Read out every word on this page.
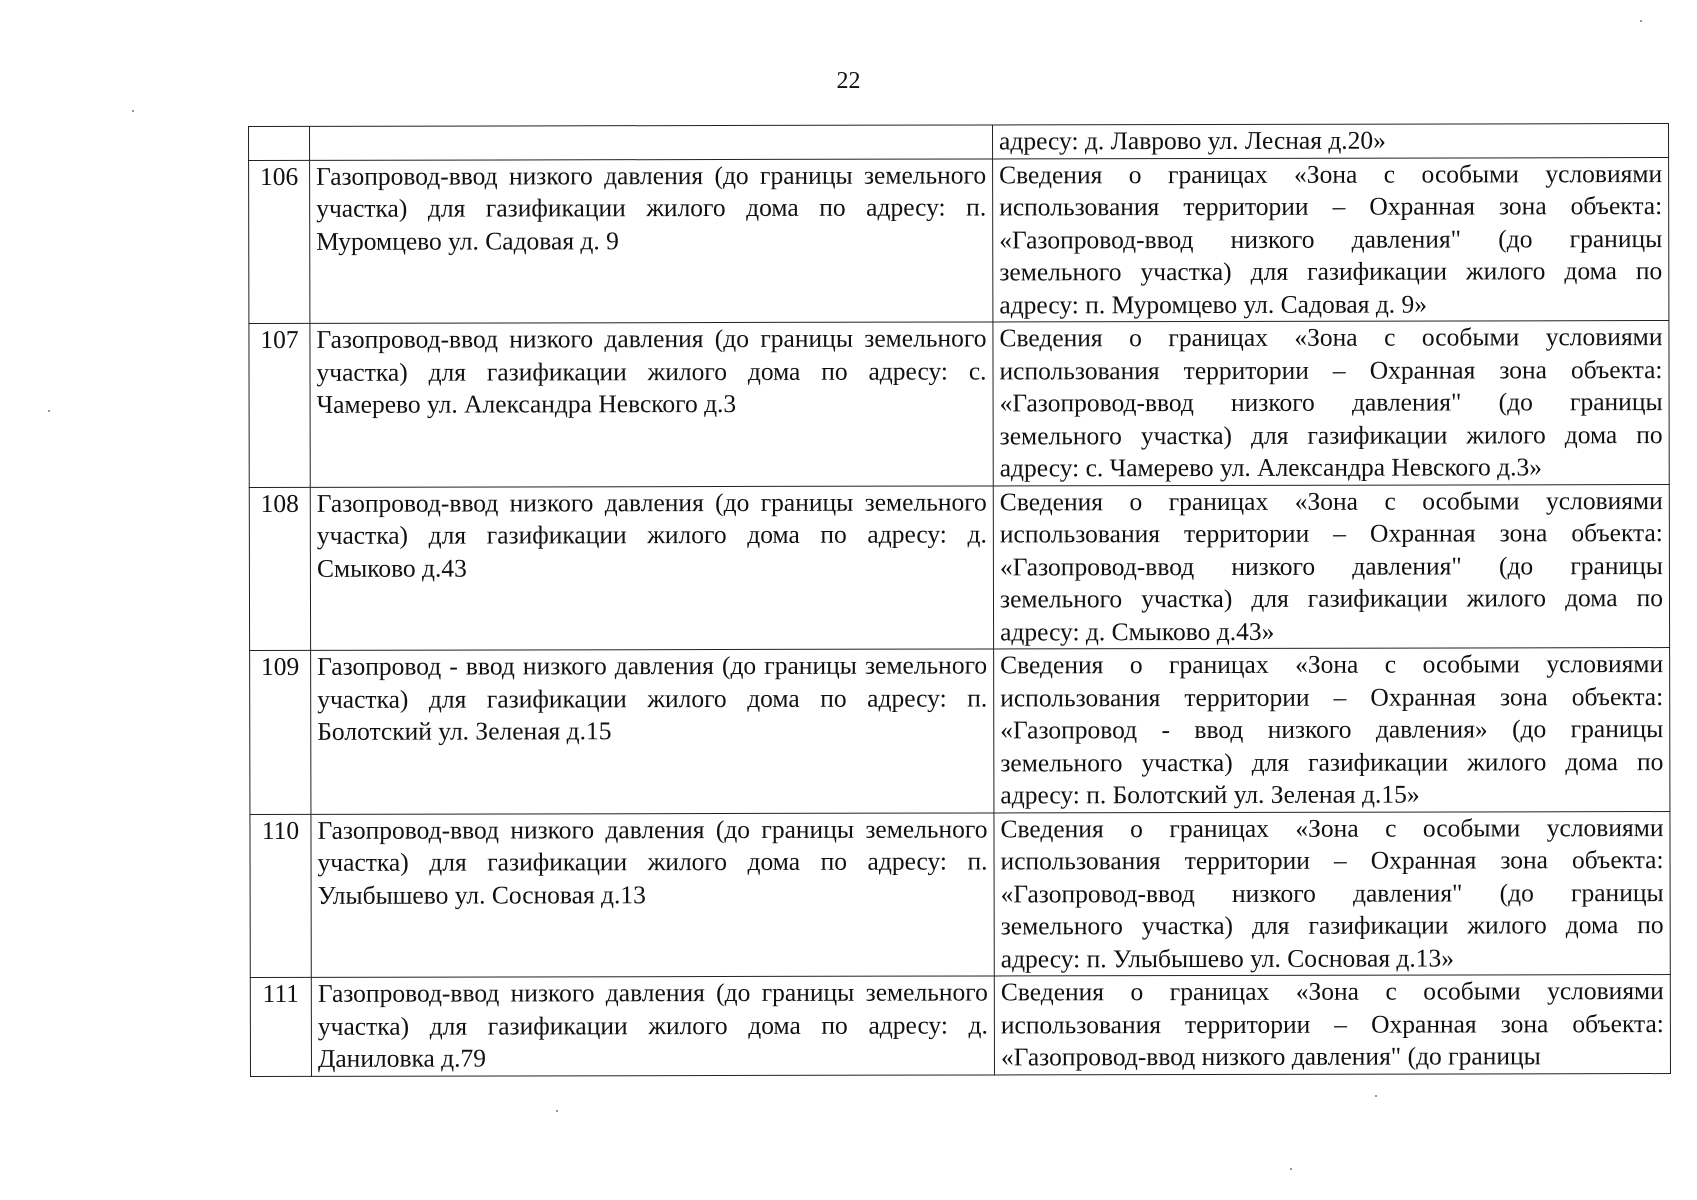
22
		адресу: д. Лаврово ул. Лесная д.20»
106	Газопровод-ввод низкого давления (до границы земельного участка) для газификации жилого дома по адресу: п. Муромцево ул. Садовая д. 9	Сведения о границах «Зона с особыми условиями использования территории – Охранная зона объекта: «Газопровод-ввод низкого давления" (до границы земельного участка) для газификации жилого дома по адресу: п. Муромцево ул. Садовая д. 9»
107	Газопровод-ввод низкого давления (до границы земельного участка) для газификации жилого дома по адресу: с. Чамерево ул. Александра Невского д.3	Сведения о границах «Зона с особыми условиями использования территории – Охранная зона объекта: «Газопровод-ввод низкого давления" (до границы земельного участка) для газификации жилого дома по адресу: с. Чамерево ул. Александра Невского д.3»
108	Газопровод-ввод низкого давления (до границы земельного участка) для газификации жилого дома по адресу: д. Смыково д.43	Сведения о границах «Зона с особыми условиями использования территории – Охранная зона объекта: «Газопровод-ввод низкого давления" (до границы земельного участка) для газификации жилого дома по адресу: д. Смыково д.43»
109	Газопровод - ввод низкого давления (до границы земельного участка) для газификации жилого дома по адресу: п. Болотский ул. Зеленая д.15	Сведения о границах «Зона с особыми условиями использования территории – Охранная зона объекта: «Газопровод - ввод низкого давления» (до границы земельного участка) для газификации жилого дома по адресу: п. Болотский ул. Зеленая д.15»
110	Газопровод-ввод низкого давления (до границы земельного участка) для газификации жилого дома по адресу: п. Улыбышево ул. Сосновая д.13	Сведения о границах «Зона с особыми условиями использования территории – Охранная зона объекта: «Газопровод-ввод низкого давления" (до границы земельного участка) для газификации жилого дома по адресу: п. Улыбышево ул. Сосновая д.13»
111	Газопровод-ввод низкого давления (до границы земельного участка) для газификации жилого дома по адресу: д. Даниловка д.79	Сведения о границах «Зона с особыми условиями использования территории – Охранная зона объекта: «Газопровод-ввод низкого давления" (до границы
